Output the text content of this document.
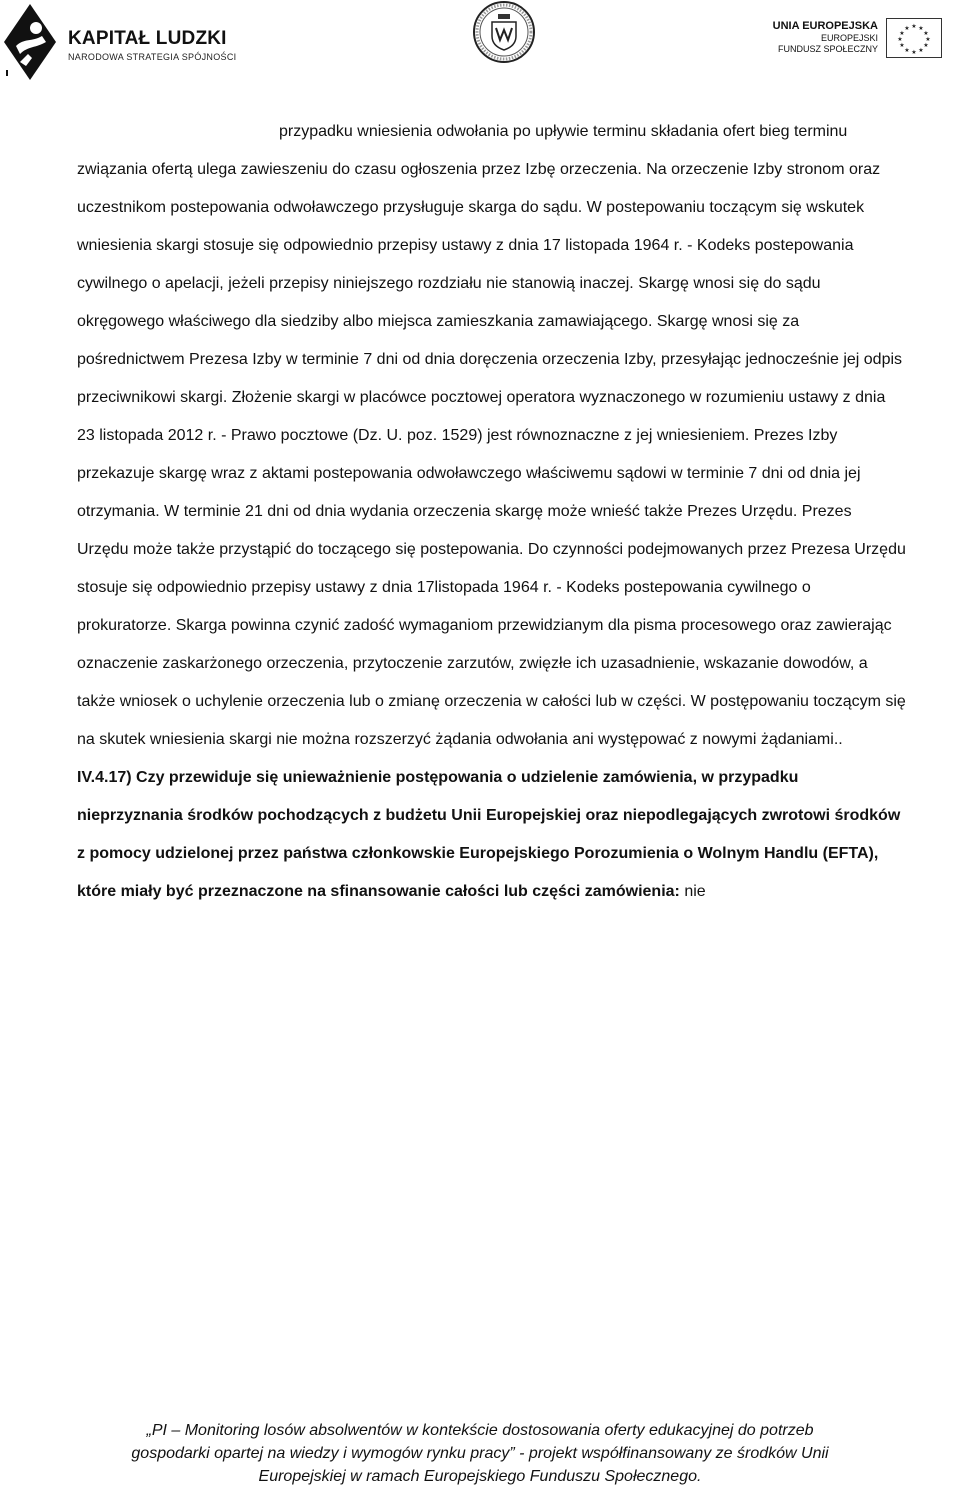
KAPITAŁ LUDZKI
NARODOWA STRATEGIA SPÓJNOŚCI
UNIA EUROPEJSKA
EUROPEJSKI
FUNDUSZ SPOŁECZNY
★ ★
★
★
★
★
★
★
★
★
★
★

przypadku wniesienia odwołania po upływie terminu składania ofert bieg terminu związania ofertą ulega zawieszeniu do czasu ogłoszenia przez Izbę orzeczenia. Na orzeczenie Izby stronom oraz uczestnikom postepowania odwoławczego przysługuje skarga do sądu. W postepowaniu toczącym się wskutek wniesienia skargi stosuje się odpowiednio przepisy ustawy z dnia 17 listopada 1964 r. - Kodeks postepowania cywilnego o apelacji, jeżeli przepisy niniejszego rozdziału nie stanowią inaczej. Skargę wnosi się do sądu okręgowego właściwego dla siedziby albo miejsca zamieszkania zamawiającego. Skargę wnosi się za pośrednictwem Prezesa Izby w terminie 7 dni od dnia doręczenia orzeczenia Izby, przesyłając jednocześnie jej odpis przeciwnikowi skargi. Złożenie skargi w placówce pocztowej operatora wyznaczonego w rozumieniu ustawy z dnia 23 listopada 2012 r. - Prawo pocztowe (Dz. U. poz. 1529) jest równoznaczne z jej wniesieniem. Prezes Izby przekazuje skargę wraz z aktami postepowania odwoławczego właściwemu sądowi w terminie 7 dni od dnia jej otrzymania. W terminie 21 dni od dnia wydania orzeczenia skargę może wnieść także Prezes Urzędu. Prezes Urzędu może także przystąpić do toczącego się postepowania. Do czynności podejmowanych przez Prezesa Urzędu stosuje się odpowiednio przepisy ustawy z dnia 17listopada 1964 r. - Kodeks postepowania cywilnego o prokuratorze. Skarga powinna czynić zadość wymaganiom przewidzianym dla pisma procesowego oraz zawierając oznaczenie zaskarżonego orzeczenia, przytoczenie zarzutów, zwięzłe ich uzasadnienie, wskazanie dowodów, a także wniosek o uchylenie orzeczenia lub o zmianę orzeczenia w całości lub w części. W postępowaniu toczącym się na skutek wniesienia skargi nie można rozszerzyć żądania odwołania ani występować z nowymi żądaniami..

IV.4.17) Czy przewiduje się unieważnienie postępowania o udzielenie zamówienia, w przypadku nieprzyznania środków pochodzących z budżetu Unii Europejskiej oraz niepodlegających zwrotowi środków z pomocy udzielonej przez państwa członkowskie Europejskiego Porozumienia o Wolnym Handlu (EFTA), które miały być przeznaczone na sfinansowanie całości lub części zamówienia: nie

„PI – Monitoring losów absolwentów w kontekście dostosowania oferty edukacyjnej do potrzeb
gospodarki opartej na wiedzy i wymogów rynku pracy” - projekt współfinansowany ze środków Unii
Europejskiej w ramach Europejskiego Funduszu Społecznego.
